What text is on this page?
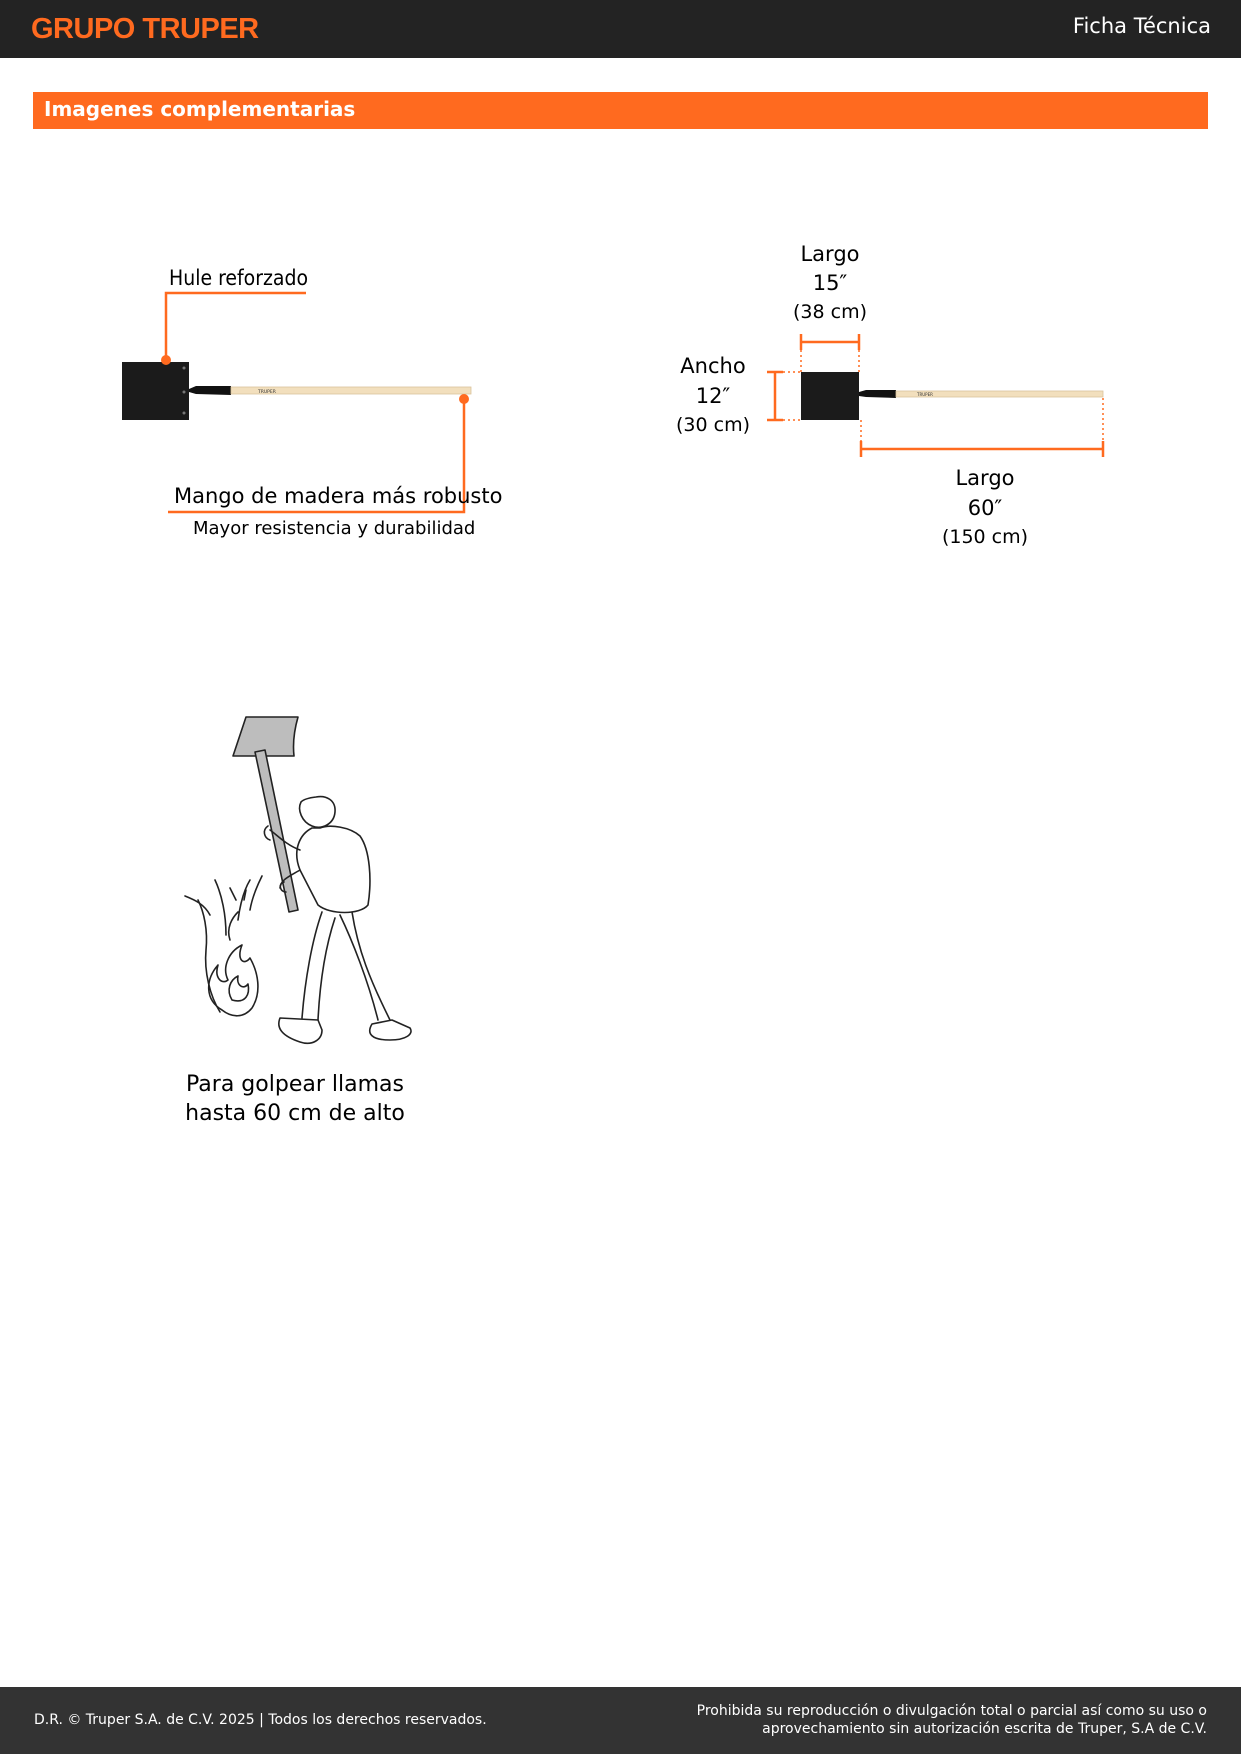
GRUPO TRUPER	Ficha Técnica
Imagenes complementarias
TRUPER	TRUPER
Hule reforzado
Mango de madera más robusto
Mayor resistencia y durabilidad
Largo
15″
(38 cm)
Ancho
12″
(30 cm)
Largo
60″
(150 cm)
Para golpear llamas
hasta 60 cm de alto
D.R. © Truper S.A. de C.V. 2025 | Todos los derechos reservados.
Prohibida su reproducción o divulgación total o parcial así como su uso o
aprovechamiento sin autorización escrita de Truper, S.A de C.V.
